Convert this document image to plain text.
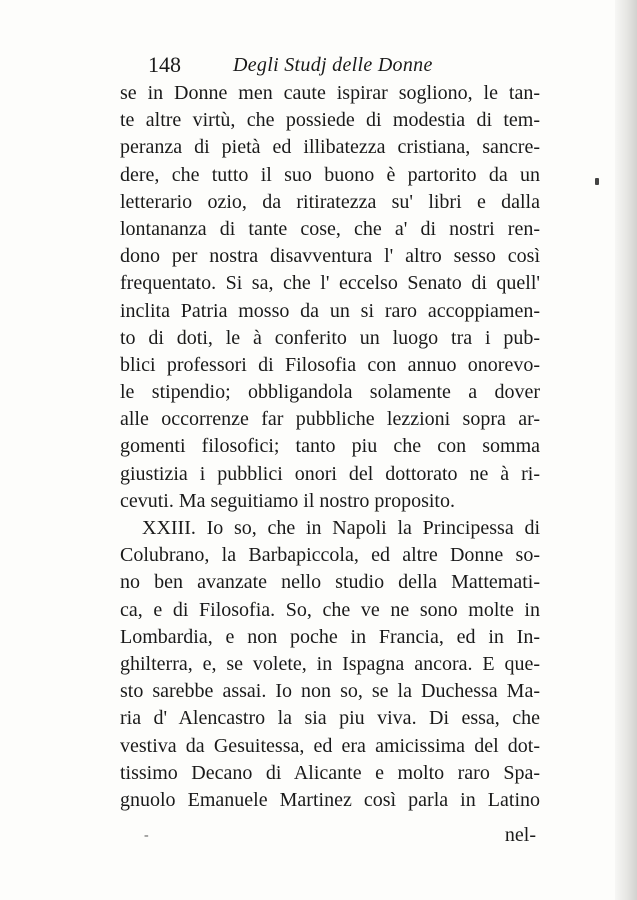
148	Degli Studj delle Donne
se in Donne men caute ispirar sogliono, le tan-
te altre virtù, che possiede di modestia di tem-
peranza di pietà ed illibatezza cristiana, sancre-
dere, che tutto il suo buono è partorito da un
letterario ozio, da ritiratezza su' libri e dalla
lontananza di tante cose, che a' di nostri ren-
dono per nostra disavventura l' altro sesso così
frequentato. Si sa, che l' eccelso Senato di quell'
inclita Patria mosso da un si raro accoppiamen-
to di doti, le à conferito un luogo tra i pub-
blici professori di Filosofia con annuo onorevo-
le stipendio; obbligandola solamente a dover
alle occorrenze far pubbliche lezzioni sopra ar-
gomenti filosofici; tanto piu che con somma
giustizia i pubblici onori del dottorato ne à ri-
cevuti. Ma seguitiamo il nostro proposito.
XXIII. Io so, che in Napoli la Principessa di
Colubrano, la Barbapiccola, ed altre Donne so-
no ben avanzate nello studio della Mattemati-
ca, e di Filosofia. So, che ve ne sono molte in
Lombardia, e non poche in Francia, ed in In-
ghilterra, e, se volete, in Ispagna ancora. E que-
sto sarebbe assai. Io non so, se la Duchessa Ma-
ria d' Alencastro la sia piu viva. Di essa, che
vestiva da Gesuitessa, ed era amicissima del dot-
tissimo Decano di Alicante e molto raro Spa-
gnuolo Emanuele Martinez così parla in Latino
-	nel-
